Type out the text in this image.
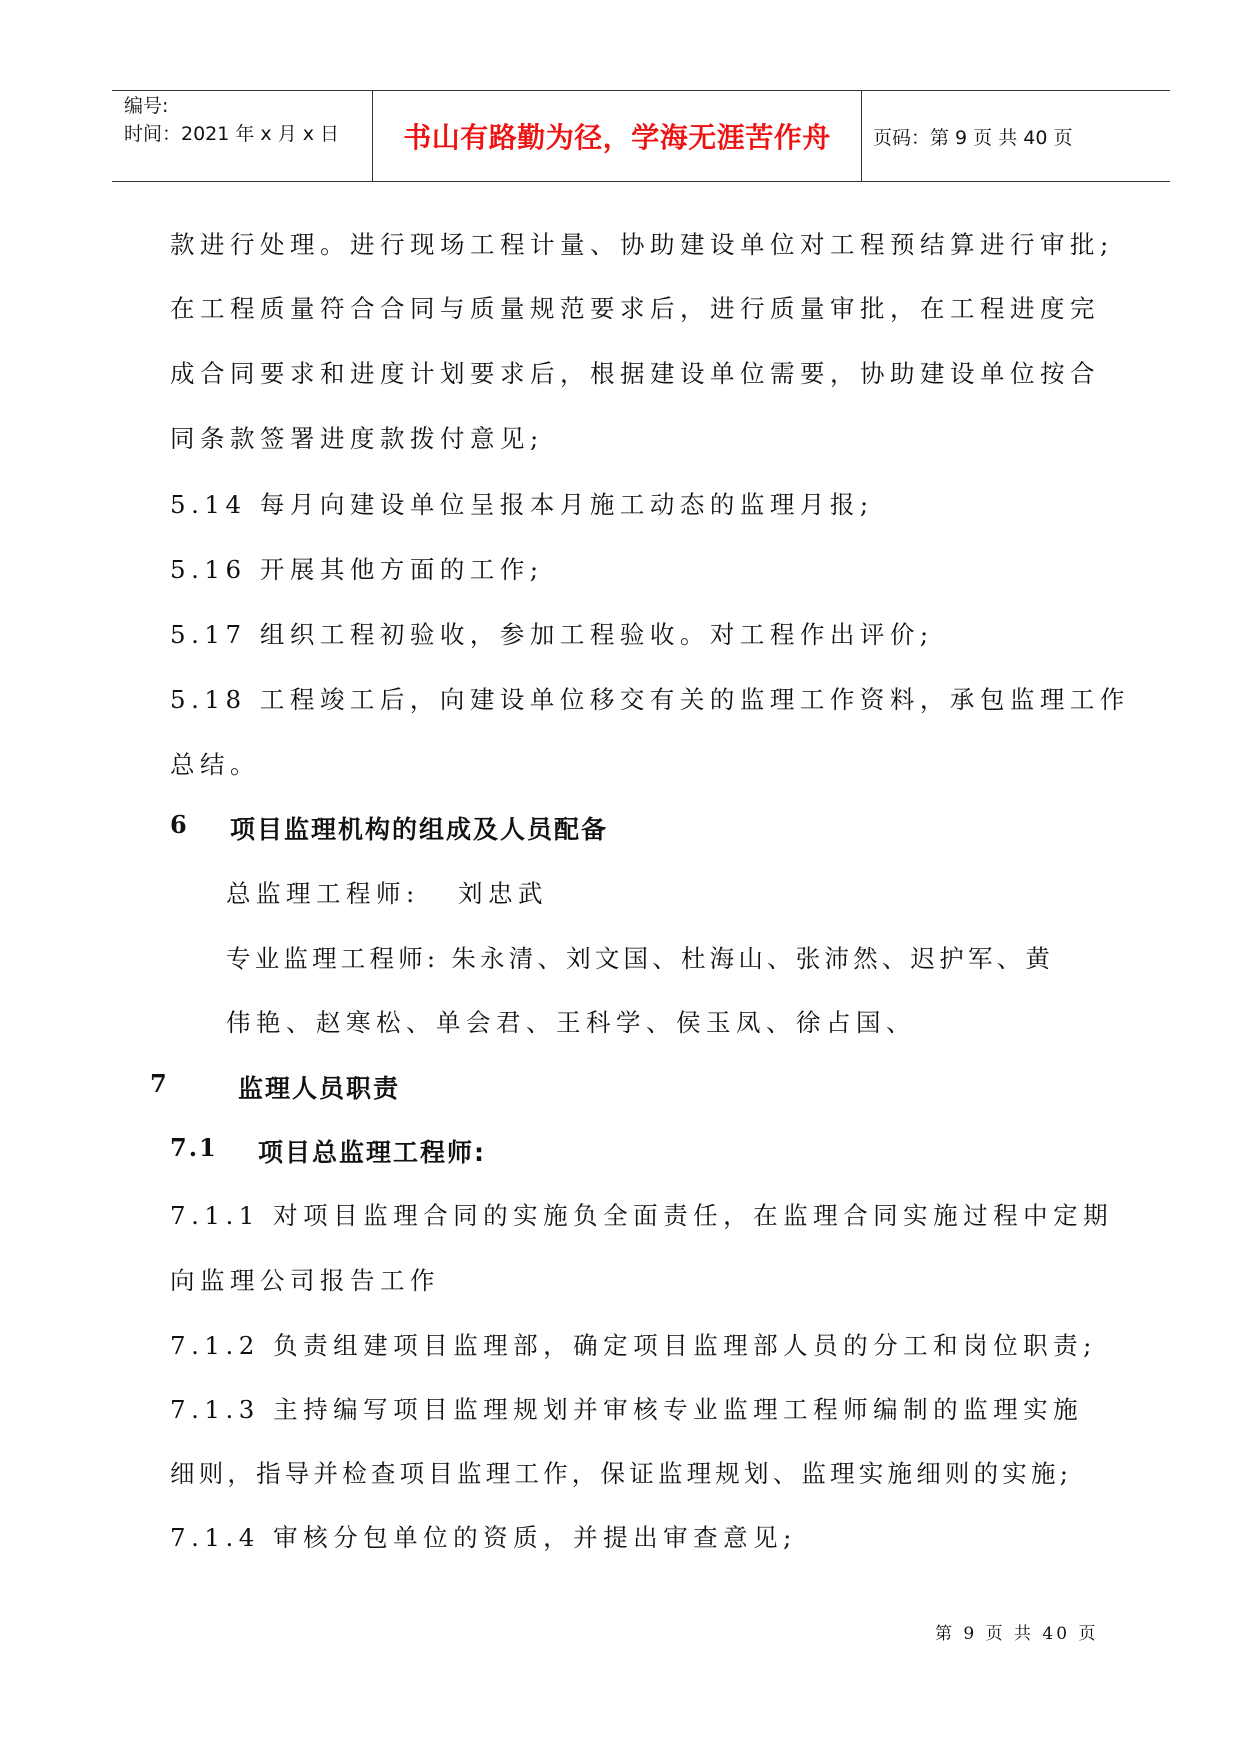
编号:
时间：2021 年 x 月 x 日 书山有路勤为径，学海无涯苦作舟 页码：第 9 页 共 40 页
款进行处理。进行现场工程计量、协助建设单位对工程预结算进行审批;
在工程质量符合合同与质量规范要求后，进行质量审批，在工程进度完
成合同要求和进度计划要求后，根据建设单位需要，协助建设单位按合
同条款签署进度款拨付意见;
5.14 每月向建设单位呈报本月施工动态的监理月报;
5.16 开展其他方面的工作;
5.17 组织工程初验收，参加工程验收。对工程作出评价;
5.18 工程竣工后，向建设单位移交有关的监理工作资料，承包监理工作
总结。
6 项目监理机构的组成及人员配备
总监理工程师: 刘忠武
专业监理工程师: 朱永清、刘文国、杜海山、张沛然、迟护军、黄
伟艳、赵寒松、单会君、王科学、侯玉凤、徐占国、
7	监理人员职责
7.1 项目总监理工程师:
7.1.1 对项目监理合同的实施负全面责任，在监理合同实施过程中定期
向监理公司报告工作
7.1.2 负责组建项目监理部，确定项目监理部人员的分工和岗位职责;
7.1.3 主持编写项目监理规划并审核专业监理工程师编制的监理实施
细则，指导并检查项目监理工作，保证监理规划、监理实施细则的实施;
7.1.4 审核分包单位的资质，并提出审查意见;
第 9 页 共 40 页
